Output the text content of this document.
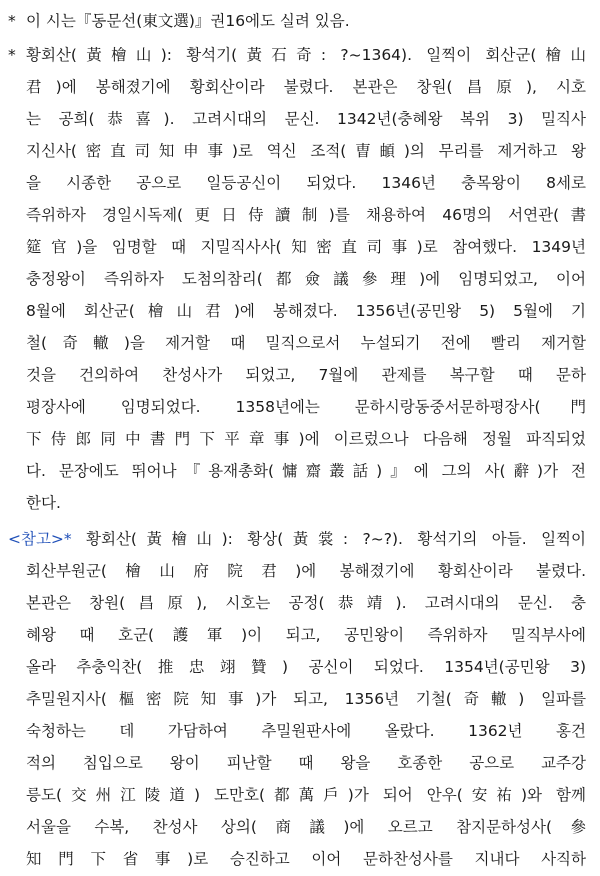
* 이 시는『동문선(東文選)』권16에도 실려 있음.
* 황회산(黃檜山): 황석기(黃石奇: ?~1364). 일찍이 회산군(檜山
君)에 봉해졌기에 황회산이라 불렸다. 본관은 창원(昌原), 시호
는 공희(恭喜). 고려시대의 문신. 1342년(충혜왕 복위 3) 밀직사
지신사(密直司知申事)로 역신 조적(曺頔)의 무리를 제거하고 왕
을 시종한 공으로 일등공신이 되었다. 1346년 충목왕이 8세로
즉위하자 경일시독제(更日侍讀制)를 채용하여 46명의 서연관(書
筵官)을 임명할 때 지밀직사사(知密直司事)로 참여했다. 1349년
충정왕이 즉위하자 도첨의참리(都僉議參理)에 임명되었고, 이어
8월에 회산군(檜山君)에 봉해졌다. 1356년(공민왕 5) 5월에 기
철(奇轍)을 제거할 때 밀직으로서 누설되기 전에 빨리 제거할
것을 건의하여 찬성사가 되었고, 7월에 관제를 복구할 때 문하
평장사에 임명되었다. 1358년에는 문하시랑동중서문하평장사(門
下侍郎同中書門下平章事)에 이르렀으나 다음해 정월 파직되었
다. 문장에도 뛰어나『용재총화(慵齋叢話)』에 그의 사(辭)가 전
한다.
<참고>* 황회산(黃檜山): 황상(黃裳: ?~?). 황석기의 아들. 일찍이
회산부원군(檜山府院君)에 봉해졌기에 황회산이라 불렸다.
본관은 창원(昌原), 시호는 공정(恭靖). 고려시대의 문신. 충
혜왕 때 호군(護軍)이 되고, 공민왕이 즉위하자 밀직부사에
올라 추충익찬(推忠翊贊) 공신이 되었다. 1354년(공민왕 3)
추밀원지사(樞密院知事)가 되고, 1356년 기철(奇轍) 일파를
숙청하는 데 가담하여 추밀원판사에 올랐다. 1362년 홍건
적의 침입으로 왕이 피난할 때 왕을 호종한 공으로 교주강
릉도(交州江陵道) 도만호(都萬戶)가 되어 안우(安祐)와 함께
서울을 수복, 찬성사 상의(商議)에 오르고 참지문하성사(參
知門下省事)로 승진하고 이어 문하찬성사를 지내다 사직하
